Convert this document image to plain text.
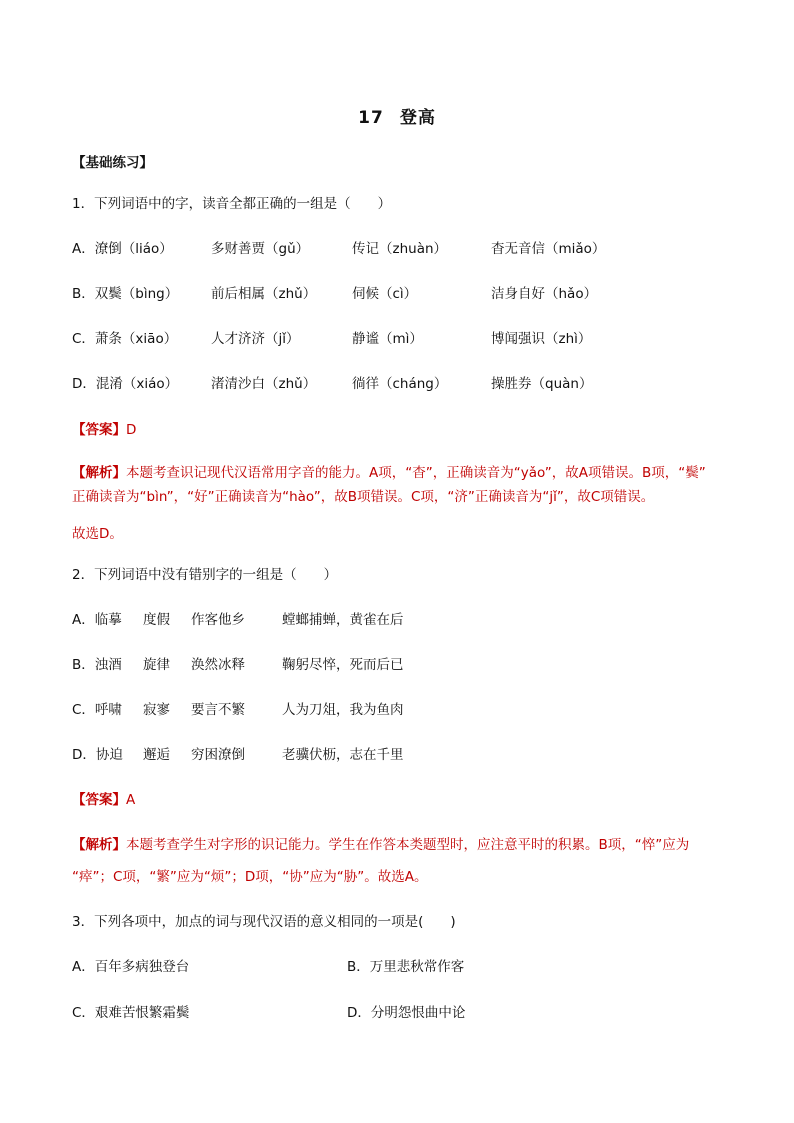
17 登高
【基础练习】
1．下列词语中的字，读音全都正确的一组是（　　）
A．潦倒（liáo）	多财善贾（gǔ）	传记（zhuàn）	杳无音信（miǎo）
B．双鬓（bìng） 前后相属（zhǔ）	伺候（cì）	洁身自好（hǎo）
C．萧条（xiāo）	人才济济（jǐ）	静谧（mì）	博闻强识（zhì）
D．混淆（xiáo） 渚清沙白（zhǔ）	徜徉（cháng）	操胜券（quàn）
【答案】D
【解析】本题考查识记现代汉语常用字音的能力。A项，“杳”，正确读音为“yǎo”，故A项错误。B项，“鬓”
正确读音为“bìn”，“好”正确读音为“hào”，故B项错误。C项，“济”正确读音为“jǐ”，故C项错误。
故选D。
2．下列词语中没有错别字的一组是（　　）
A．临摹 度假 作客他乡	螳螂捕蝉，黄雀在后
B．浊酒 旋律 涣然冰释	鞠躬尽悴，死而后已
C．呼啸 寂寥 要言不繁	人为刀俎，我为鱼肉
D．协迫 邂逅 穷困潦倒	老骥伏枥，志在千里
【答案】A
【解析】本题考查学生对字形的识记能力。学生在作答本类题型时，应注意平时的积累。B项，“悴”应为
“瘁”；C项，“繁”应为“烦”；D项，“协”应为“胁”。故选A。
3．下列各项中，加点的词与现代汉语的意义相同的一项是(　　)
A．百年多病独登台	B．万里悲秋常作客
C．艰难苦恨繁霜鬓	D．分明怨恨曲中论
